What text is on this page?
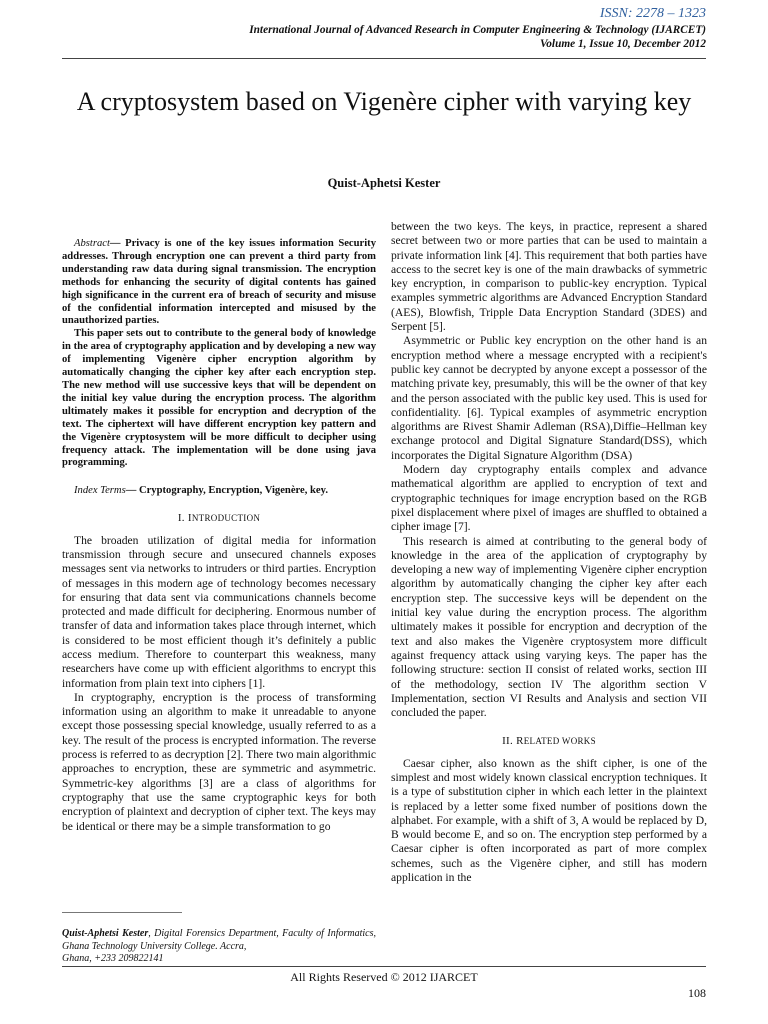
ISSN: 2278 – 1323
International Journal of Advanced Research in Computer Engineering & Technology (IJARCET)
Volume 1, Issue 10, December 2012
A cryptosystem based on Vigenère cipher with varying key
Quist-Aphetsi Kester

Abstract— Privacy is one of the key issues information Security addresses. Through encryption one can prevent a third party from understanding raw data during signal transmission. The encryption methods for enhancing the security of digital contents has gained high significance in the current era of breach of security and misuse of the confidential information intercepted and misused by the unauthorized parties.

This paper sets out to contribute to the general body of knowledge in the area of cryptography application and by developing a new way of implementing Vigenère cipher encryption algorithm by automatically changing the cipher key after each encryption step. The new method will use successive keys that will be dependent on the initial key value during the encryption process. The algorithm ultimately makes it possible for encryption and decryption of the text. The ciphertext will have different encryption key pattern and the Vigenère cryptosystem will be more difficult to decipher using frequency attack. The implementation will be done using java programming.

Index Terms— Cryptography, Encryption, Vigenère, key.

I. INTRODUCTION

The broaden utilization of digital media for information transmission through secure and unsecured channels exposes messages sent via networks to intruders or third parties. Encryption of messages in this modern age of technology becomes necessary for ensuring that data sent via communications channels become protected and made difficult for deciphering. Enormous number of transfer of data and information takes place through internet, which is considered to be most efficient though it’s definitely a public access medium. Therefore to counterpart this weakness, many researchers have come up with efficient algorithms to encrypt this information from plain text into ciphers [1].

In cryptography, encryption is the process of transforming information using an algorithm to make it unreadable to anyone except those possessing special knowledge, usually referred to as a key. The result of the process is encrypted information. The reverse process is referred to as decryption [2]. There two main algorithmic approaches to encryption, these are symmetric and asymmetric. Symmetric-key algorithms [3] are a class of algorithms for cryptography that use the same cryptographic keys for both encryption of plaintext and decryption of cipher text. The keys may be identical or there may be a simple transformation to go

between the two keys. The keys, in practice, represent a shared secret between two or more parties that can be used to maintain a private information link [4]. This requirement that both parties have access to the secret key is one of the main drawbacks of symmetric key encryption, in comparison to public-key encryption. Typical examples symmetric algorithms are Advanced Encryption Standard (AES), Blowfish, Tripple Data Encryption Standard (3DES) and Serpent [5].

Asymmetric or Public key encryption on the other hand is an encryption method where a message encrypted with a recipient's public key cannot be decrypted by anyone except a possessor of the matching private key, presumably, this will be the owner of that key and the person associated with the public key used. This is used for confidentiality. [6]. Typical examples of asymmetric encryption algorithms are Rivest Shamir Adleman (RSA),Diffie–Hellman key exchange protocol and Digital Signature Standard(DSS), which incorporates the Digital Signature Algorithm (DSA)

Modern day cryptography entails complex and advance mathematical algorithm are applied to encryption of text and cryptographic techniques for image encryption based on the RGB pixel displacement where pixel of images are shuffled to obtained a cipher image [7].

This research is aimed at contributing to the general body of knowledge in the area of the application of cryptography by developing a new way of implementing Vigenère cipher encryption algorithm by automatically changing the cipher key after each encryption step. The successive keys will be dependent on the initial key value during the encryption process. The algorithm ultimately makes it possible for encryption and decryption of the text and also makes the Vigenère cryptosystem more difficult against frequency attack using varying keys. The paper has the following structure: section II consist of related works, section III of the methodology, section IV The algorithm section V Implementation, section VI Results and Analysis and section VII concluded the paper.

II. RELATED WORKS

Caesar cipher, also known as the shift cipher, is one of the simplest and most widely known classical encryption techniques. It is a type of substitution cipher in which each letter in the plaintext is replaced by a letter some fixed number of positions down the alphabet. For example, with a shift of 3, A would be replaced by D, B would become E, and so on. The encryption step performed by a Caesar cipher is often incorporated as part of more complex schemes, such as the Vigenère cipher, and still has modern application in the

Quist-Aphetsi Kester, Digital Forensics Department, Faculty of Informatics, Ghana Technology University College. Accra,

Ghana, +233 209822141

All Rights Reserved © 2012 IJARCET
108
